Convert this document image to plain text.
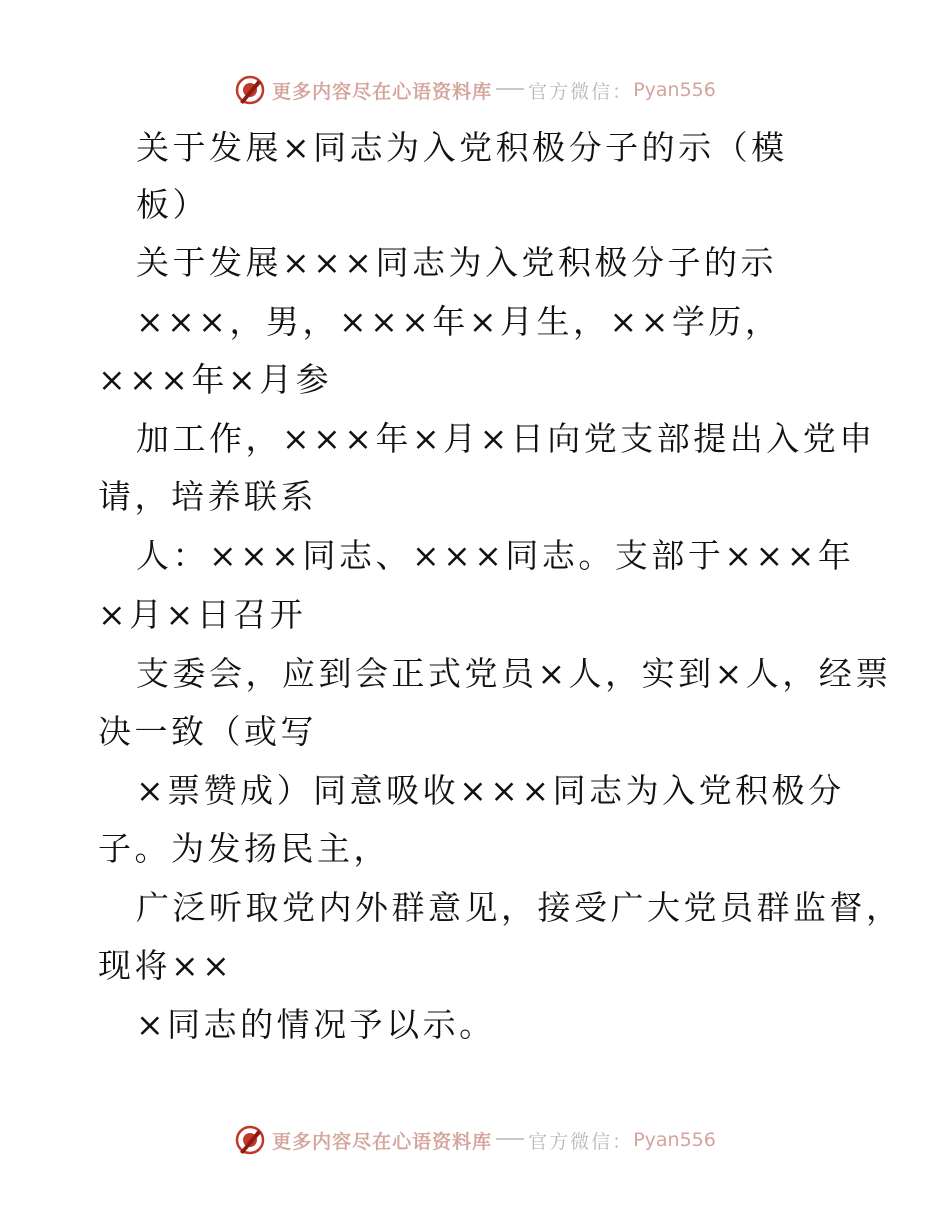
更多内容尽在心语资料库 官方微信： Pyan556
关于发展×同志为入党积极分子的示（模
板）
关于发展×××同志为入党积极分子的示
×××，男，×××年×月生，××学历，
×××年×月参
加工作，×××年×月×日向党支部提出入党申
请，培养联系
人：×××同志、×××同志。支部于×××年
×月×日召开
支委会，应到会正式党员×人，实到×人，经票
决一致（或写
×票赞成）同意吸收×××同志为入党积极分
子。为发扬民主，
广泛听取党内外群意见，接受广大党员群监督，
现将××
×同志的情况予以示。
更多内容尽在心语资料库 官方微信： Pyan556
